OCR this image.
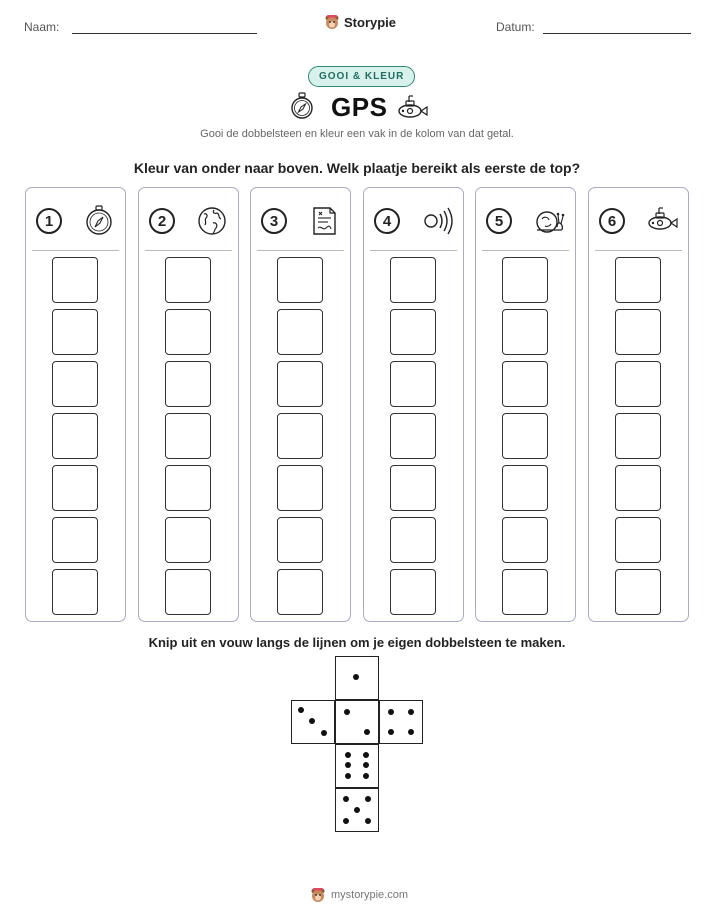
Naam:	Storypie	Datum:
GOOI & KLEUR
GPS
Gooi de dobbelsteen en kleur een vak in de kolom van dat getal.
Kleur van onder naar boven. Welk plaatje bereikt als eerste de top?
1	2	3	4	5	6
Knip uit en vouw langs de lijnen om je eigen dobbelsteen te maken.
mystorypie.com
